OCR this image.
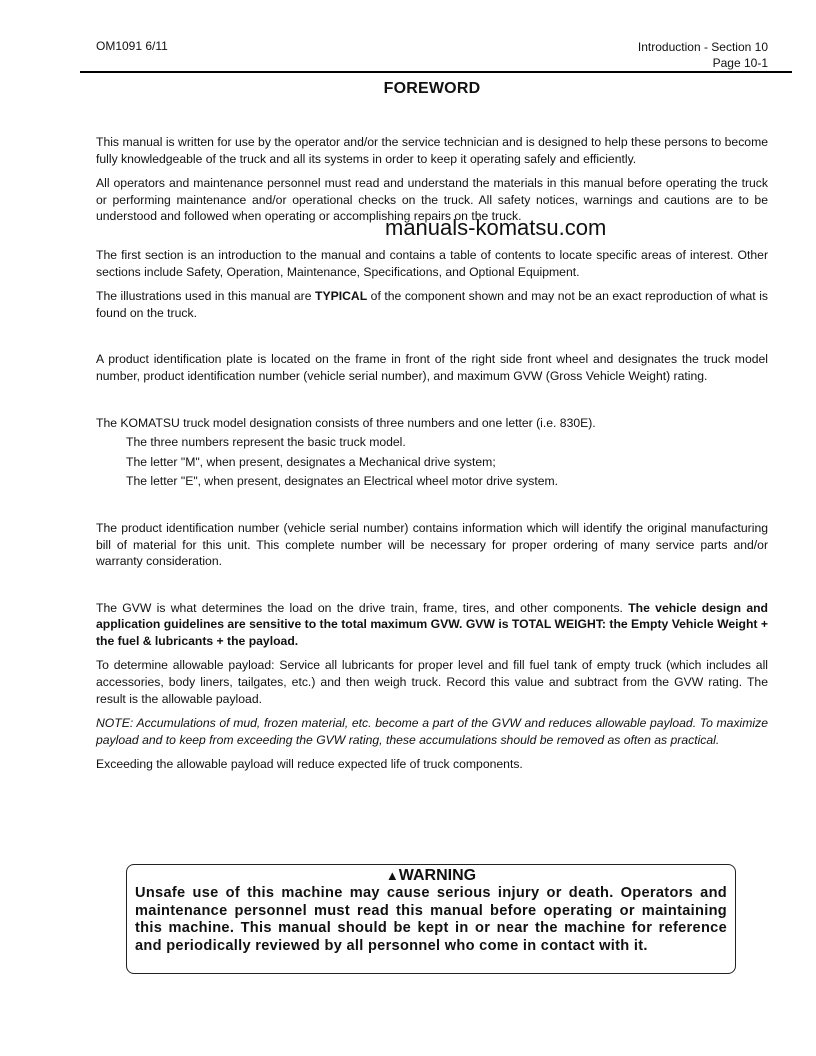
OM1091 6/11	Introduction - Section 10
Page 10-1
FOREWORD
manuals-komatsu.com

This manual is written for use by the operator and/or the service technician and is designed to help these persons to become fully knowledgeable of the truck and all its systems in order to keep it operating safely and efficiently.

All operators and maintenance personnel must read and understand the materials in this manual before operating the truck or performing maintenance and/or operational checks on the truck. All safety notices, warnings and cautions are to be understood and followed when operating or accomplishing repairs on the truck.

The first section is an introduction to the manual and contains a table of contents to locate specific areas of interest. Other sections include Safety, Operation, Maintenance, Specifications, and Optional Equipment.

The illustrations used in this manual are TYPICAL of the component shown and may not be an exact reproduction of what is found on the truck.

A product identification plate is located on the frame in front of the right side front wheel and designates the truck model number, product identification number (vehicle serial number), and maximum GVW (Gross Vehicle Weight) rating.

The KOMATSU truck model designation consists of three numbers and one letter (i.e. 830E).

The three numbers represent the basic truck model.

The letter "M", when present, designates a Mechanical drive system;

The letter "E", when present, designates an Electrical wheel motor drive system.

The product identification number (vehicle serial number) contains information which will identify the original manufacturing bill of material for this unit. This complete number will be necessary for proper ordering of many service parts and/or warranty consideration.

The GVW is what determines the load on the drive train, frame, tires, and other components. The vehicle design and application guidelines are sensitive to the total maximum GVW. GVW is TOTAL WEIGHT: the Empty Vehicle Weight + the fuel & lubricants + the payload.

To determine allowable payload: Service all lubricants for proper level and fill fuel tank of empty truck (which includes all accessories, body liners, tailgates, etc.) and then weigh truck. Record this value and subtract from the GVW rating. The result is the allowable payload.

NOTE: Accumulations of mud, frozen material, etc. become a part of the GVW and reduces allowable payload. To maximize payload and to keep from exceeding the GVW rating, these accumulations should be removed as often as practical.

Exceeding the allowable payload will reduce expected life of truck components.

▲WARNING
Unsafe use of this machine may cause serious injury or death. Operators and maintenance personnel must read this manual before operating or maintaining this machine. This manual should be kept in or near the machine for reference and periodically reviewed by all personnel who come in contact with it.
